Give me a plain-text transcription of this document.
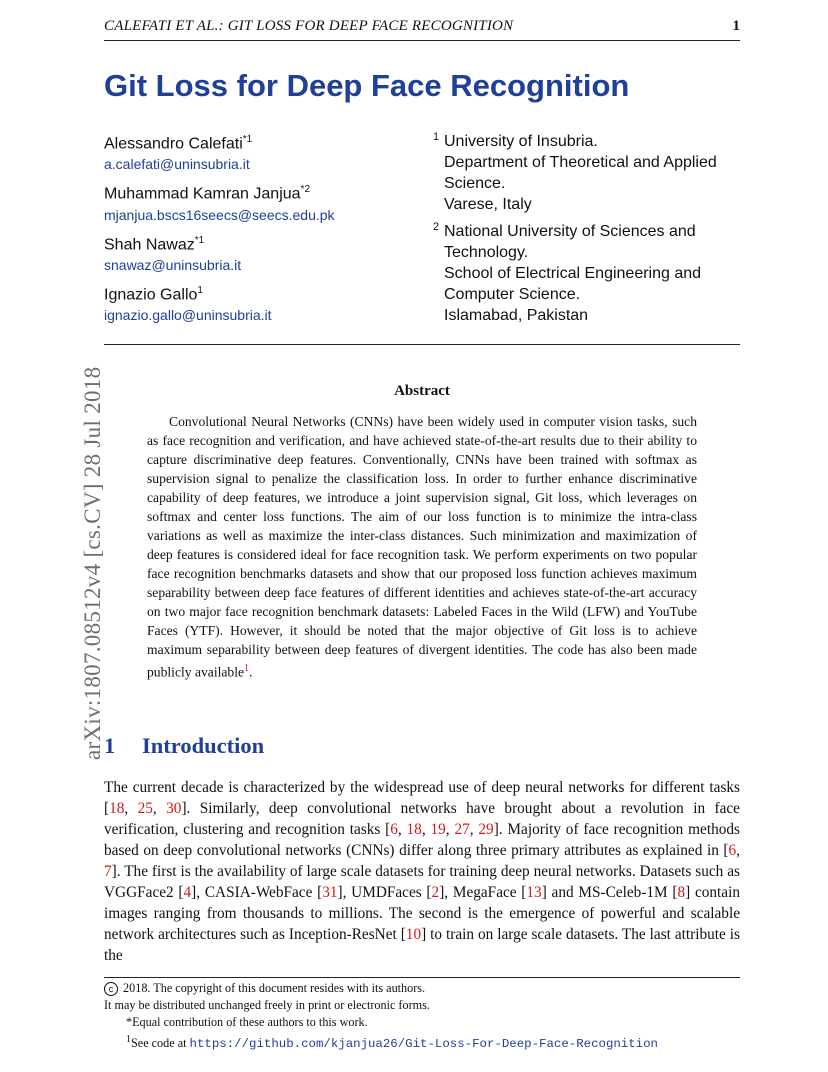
CALEFATI ET AL.: GIT LOSS FOR DEEP FACE RECOGNITION	1
Git Loss for Deep Face Recognition
Alessandro Calefati$^{*1}$
a.calefati@uninsubria.it
Muhammad Kamran Janjua$^{*2}$
mjanjua.bscs16seecs@seecs.edu.pk
Shah Nawaz$^{*1}$
snawaz@uninsubria.it
Ignazio Gallo$^1$
ignazio.gallo@uninsubria.it
1 University of Insubria.
Department of Theoretical and Applied
Science.
Varese, Italy
2 National University of Sciences and
Technology.
School of Electrical Engineering and
Computer Science.
Islamabad, Pakistan
arXiv:1807.08512v4 [cs.CV] 28 Jul 2018	Abstract
Convolutional Neural Networks (CNNs) have been widely used in computer vision tasks, such as face recognition and verification, and have achieved state-of-the-art results due to their ability to capture discriminative deep features. Conventionally, CNNs have been trained with softmax as supervision signal to penalize the classification loss. In order to further enhance discriminative capability of deep features, we introduce a joint supervision signal, Git loss, which leverages on softmax and center loss functions. The aim of our loss function is to minimize the intra-class variations as well as maximize the inter-class distances. Such minimization and maximization of deep features is considered ideal for face recognition task. We perform experiments on two popular face recognition benchmarks datasets and show that our proposed loss function achieves maximum separability between deep face features of different identities and achieves state-of-the-art accuracy on two major face recognition benchmark datasets: Labeled Faces in the Wild (LFW) and YouTube Faces (YTF). However, it should be noted that the major objective of Git loss is to achieve maximum separability between deep features of divergent identities. The code has also been made publicly available$^1$.
1 Introduction
The current decade is characterized by the widespread use of deep neural networks for different tasks [18, 25, 30]. Similarly, deep convolutional networks have brought about a revolution in face verification, clustering and recognition tasks [6, 18, 19, 27, 29]. Majority of face recognition methods based on deep convolutional networks (CNNs) differ along three primary attributes as explained in [6, 7]. The first is the availability of large scale datasets for training deep neural networks. Datasets such as VGGFace2 [4], CASIA-WebFace [31], UMDFaces [2], MegaFace [13] and MS-Celeb-1M [8] contain images ranging from thousands to millions. The second is the emergence of powerful and scalable network architectures such as Inception-ResNet [10] to train on large scale datasets. The last attribute is the
c 2018. The copyright of this document resides with its authors.
It may be distributed unchanged freely in print or electronic forms.
*Equal contribution of these authors to this work.
$^1$See code at https://github.com/kjanjua26/Git-Loss-For-Deep-Face-Recognition
